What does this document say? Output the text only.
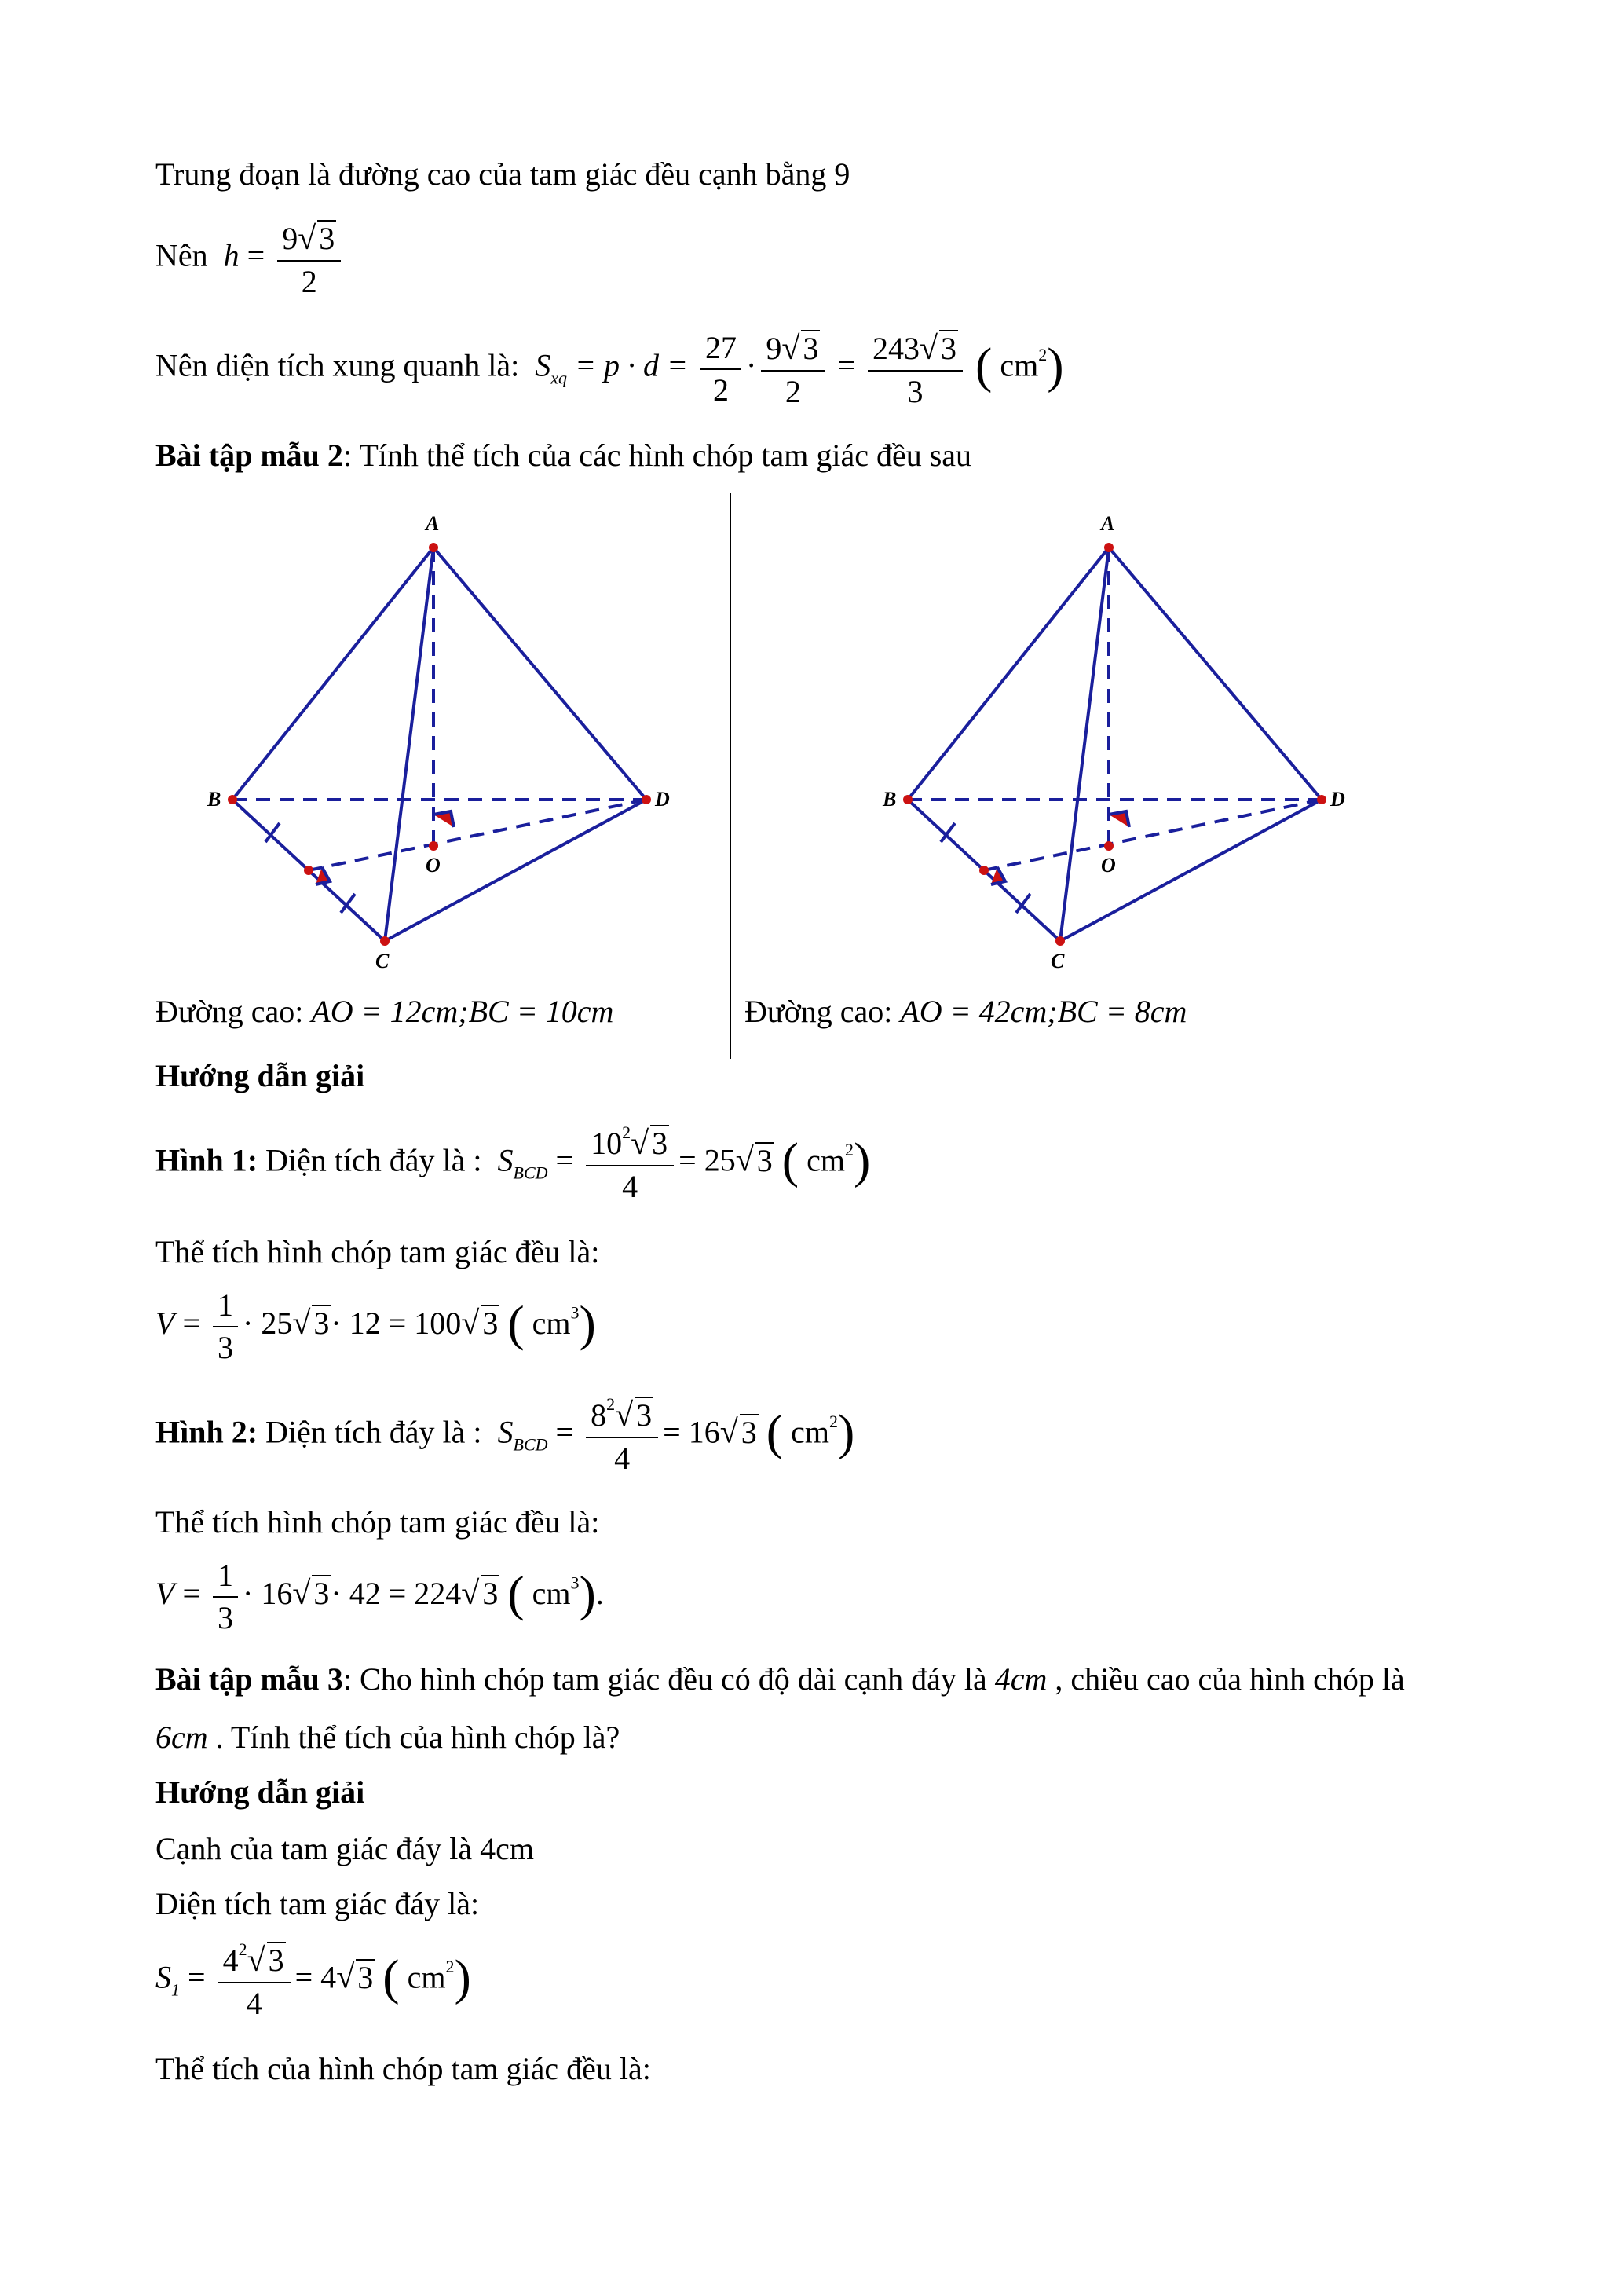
Trung đoạn là đường cao của tam giác đều cạnh bằng 9
Nên $h = \frac{9√ 3}{2}$
Nên diện tích xung quanh là: $S_{xq} = p \cdot d = \frac{27}{2} \cdot \frac{9√ 3}{2} = \frac{243√ 3}{3}$ ( $cm^2$)
Bài tập mẫu 2: Tính thể tích của các hình chóp tam giác đều sau
A
B	D
C
O
A
B	D
C
O
Đường cao: AO = 12cm;BC = 10cm	Đường cao: AO = 42cm;BC = 8cm
Hướng dẫn giải
Hình 1: Diện tích đáy là : $S_{BCD} = \frac{10^2√ 3}{4} = 25√$ 3 ( $cm^2$)
Thể tích hình chóp tam giác đều là:
$V = \frac{1}{3} \cdot 25√$ 3· 12 = 100√ 3 ( $cm^3$)
Hình 2: Diện tích đáy là : $S_{BCD} = \frac{8^2√ 3}{4} = 16√$ 3 ( $cm^2$)
Thể tích hình chóp tam giác đều là:
$V = \frac{1}{3} \cdot 16√$ 3· 42 = 224√ 3 ( $cm^3$).
Bài tập mẫu 3: Cho hình chóp tam giác đều có độ dài cạnh đáy là 4cm , chiều cao của hình chóp là
6cm . Tính thể tích của hình chóp là?
Hướng dẫn giải
Cạnh của tam giác đáy là 4cm
Diện tích tam giác đáy là:
$S_1 = \frac{4^2√ 3}{4} = 4√$ 3 ( $cm^2$)
Thể tích của hình chóp tam giác đều là:
